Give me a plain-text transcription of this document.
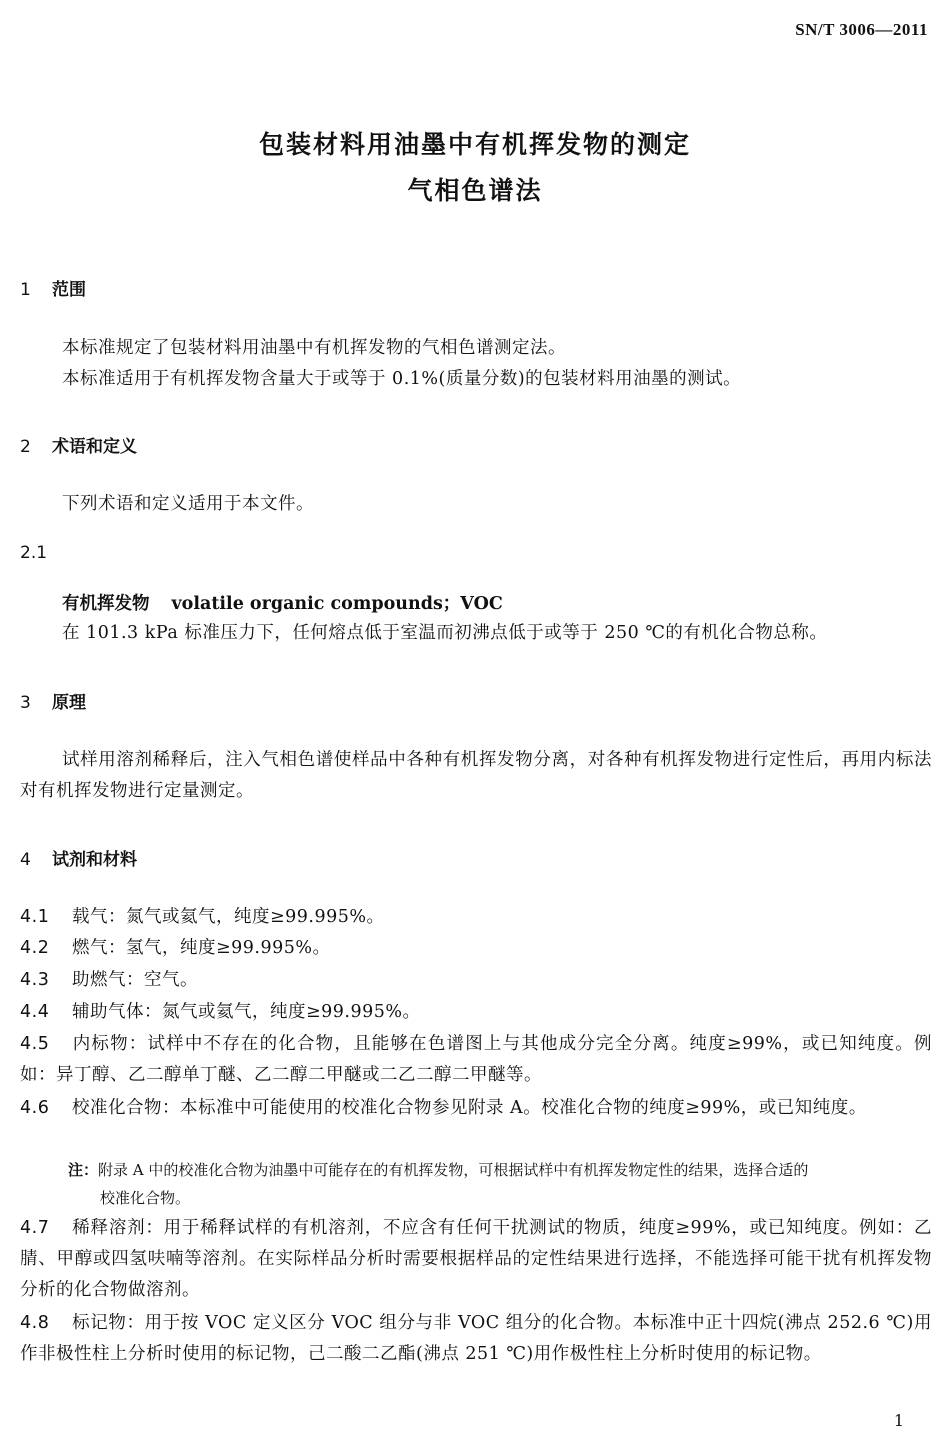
SN/T 3006—2011
包装材料用油墨中有机挥发物的测定
气相色谱法
1 范围
本标准规定了包装材料用油墨中有机挥发物的气相色谱测定法。
本标准适用于有机挥发物含量大于或等于 0.1%(质量分数)的包装材料用油墨的测试。
2 术语和定义
下列术语和定义适用于本文件。
2.1
有机挥发物 volatile organic compounds；VOC
在 101.3 kPa 标准压力下，任何熔点低于室温而初沸点低于或等于 250 ℃的有机化合物总称。
3 原理
试样用溶剂稀释后，注入气相色谱使样品中各种有机挥发物分离，对各种有机挥发物进行定性后，再用内标法对有机挥发物进行定量测定。
4 试剂和材料
4.1 载气：氮气或氦气，纯度≥99.995%。
4.2 燃气：氢气，纯度≥99.995%。
4.3 助燃气：空气。
4.4 辅助气体：氮气或氦气，纯度≥99.995%。
4.5 内标物：试样中不存在的化合物，且能够在色谱图上与其他成分完全分离。纯度≥99%，或已知纯度。例如：异丁醇、乙二醇单丁醚、乙二醇二甲醚或二乙二醇二甲醚等。
4.6 校准化合物：本标准中可能使用的校准化合物参见附录 A。校准化合物的纯度≥99%，或已知纯度。
注：附录 A 中的校准化合物为油墨中可能存在的有机挥发物，可根据试样中有机挥发物定性的结果，选择合适的
校准化合物。
4.7 稀释溶剂：用于稀释试样的有机溶剂，不应含有任何干扰测试的物质，纯度≥99%，或已知纯度。例如：乙腈、甲醇或四氢呋喃等溶剂。在实际样品分析时需要根据样品的定性结果进行选择，不能选择可能干扰有机挥发物分析的化合物做溶剂。
4.8 标记物：用于按 VOC 定义区分 VOC 组分与非 VOC 组分的化合物。本标准中正十四烷(沸点 252.6 ℃)用作非极性柱上分析时使用的标记物，己二酸二乙酯(沸点 251 ℃)用作极性柱上分析时使用的标记物。
1
